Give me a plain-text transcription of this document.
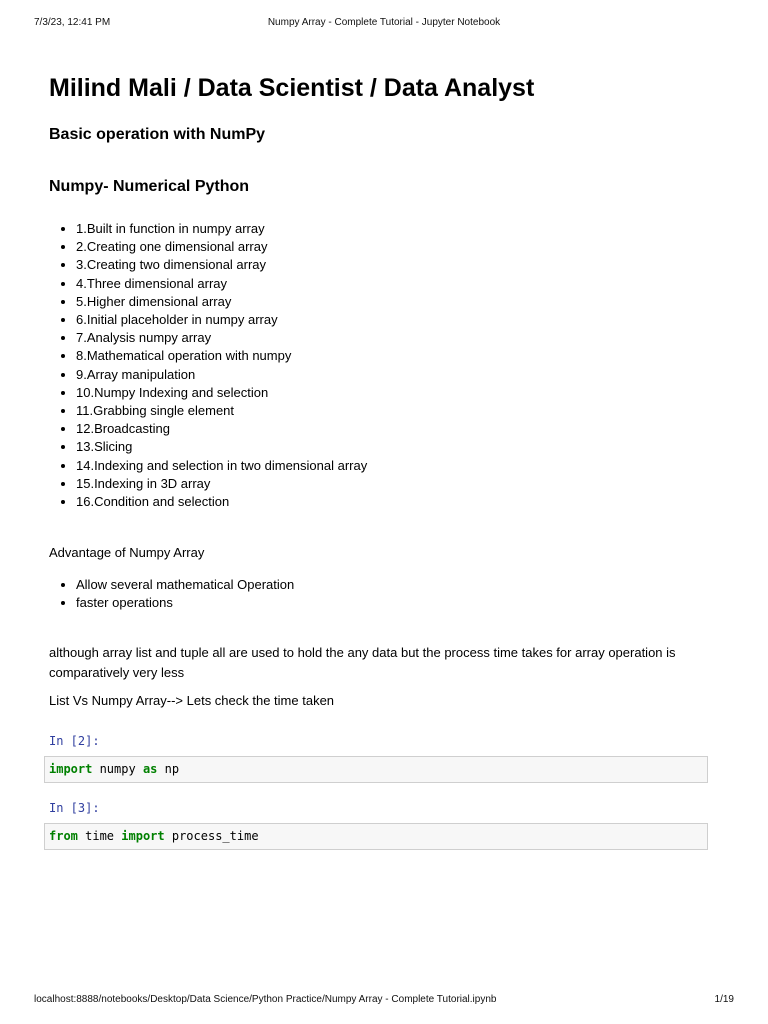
7/3/23, 12:41 PM	Numpy Array - Complete Tutorial - Jupyter Notebook
Milind Mali / Data Scientist / Data Analyst
Basic operation with NumPy
Numpy- Numerical Python
• 1.Built in function in numpy array
• 2.Creating one dimensional array
• 3.Creating two dimensional array
• 4.Three dimensional array
• 5.Higher dimensional array
• 6.Initial placeholder in numpy array
• 7.Analysis numpy array
• 8.Mathematical operation with numpy
• 9.Array manipulation
• 10.Numpy Indexing and selection
• 11.Grabbing single element
• 12.Broadcasting
• 13.Slicing
• 14.Indexing and selection in two dimensional array
• 15.Indexing in 3D array
• 16.Condition and selection

Advantage of Numpy Array

• Allow several mathematical Operation
• faster operations

although array list and tuple all are used to hold the any data but the process time takes for array operation is comparatively very less

List Vs Numpy Array--> Lets check the time taken

In [2]:
import numpy as np
In [3]:
from time import process_time
localhost:8888/notebooks/Desktop/Data Science/Python Practice/Numpy Array - Complete Tutorial.ipynb	1/19
